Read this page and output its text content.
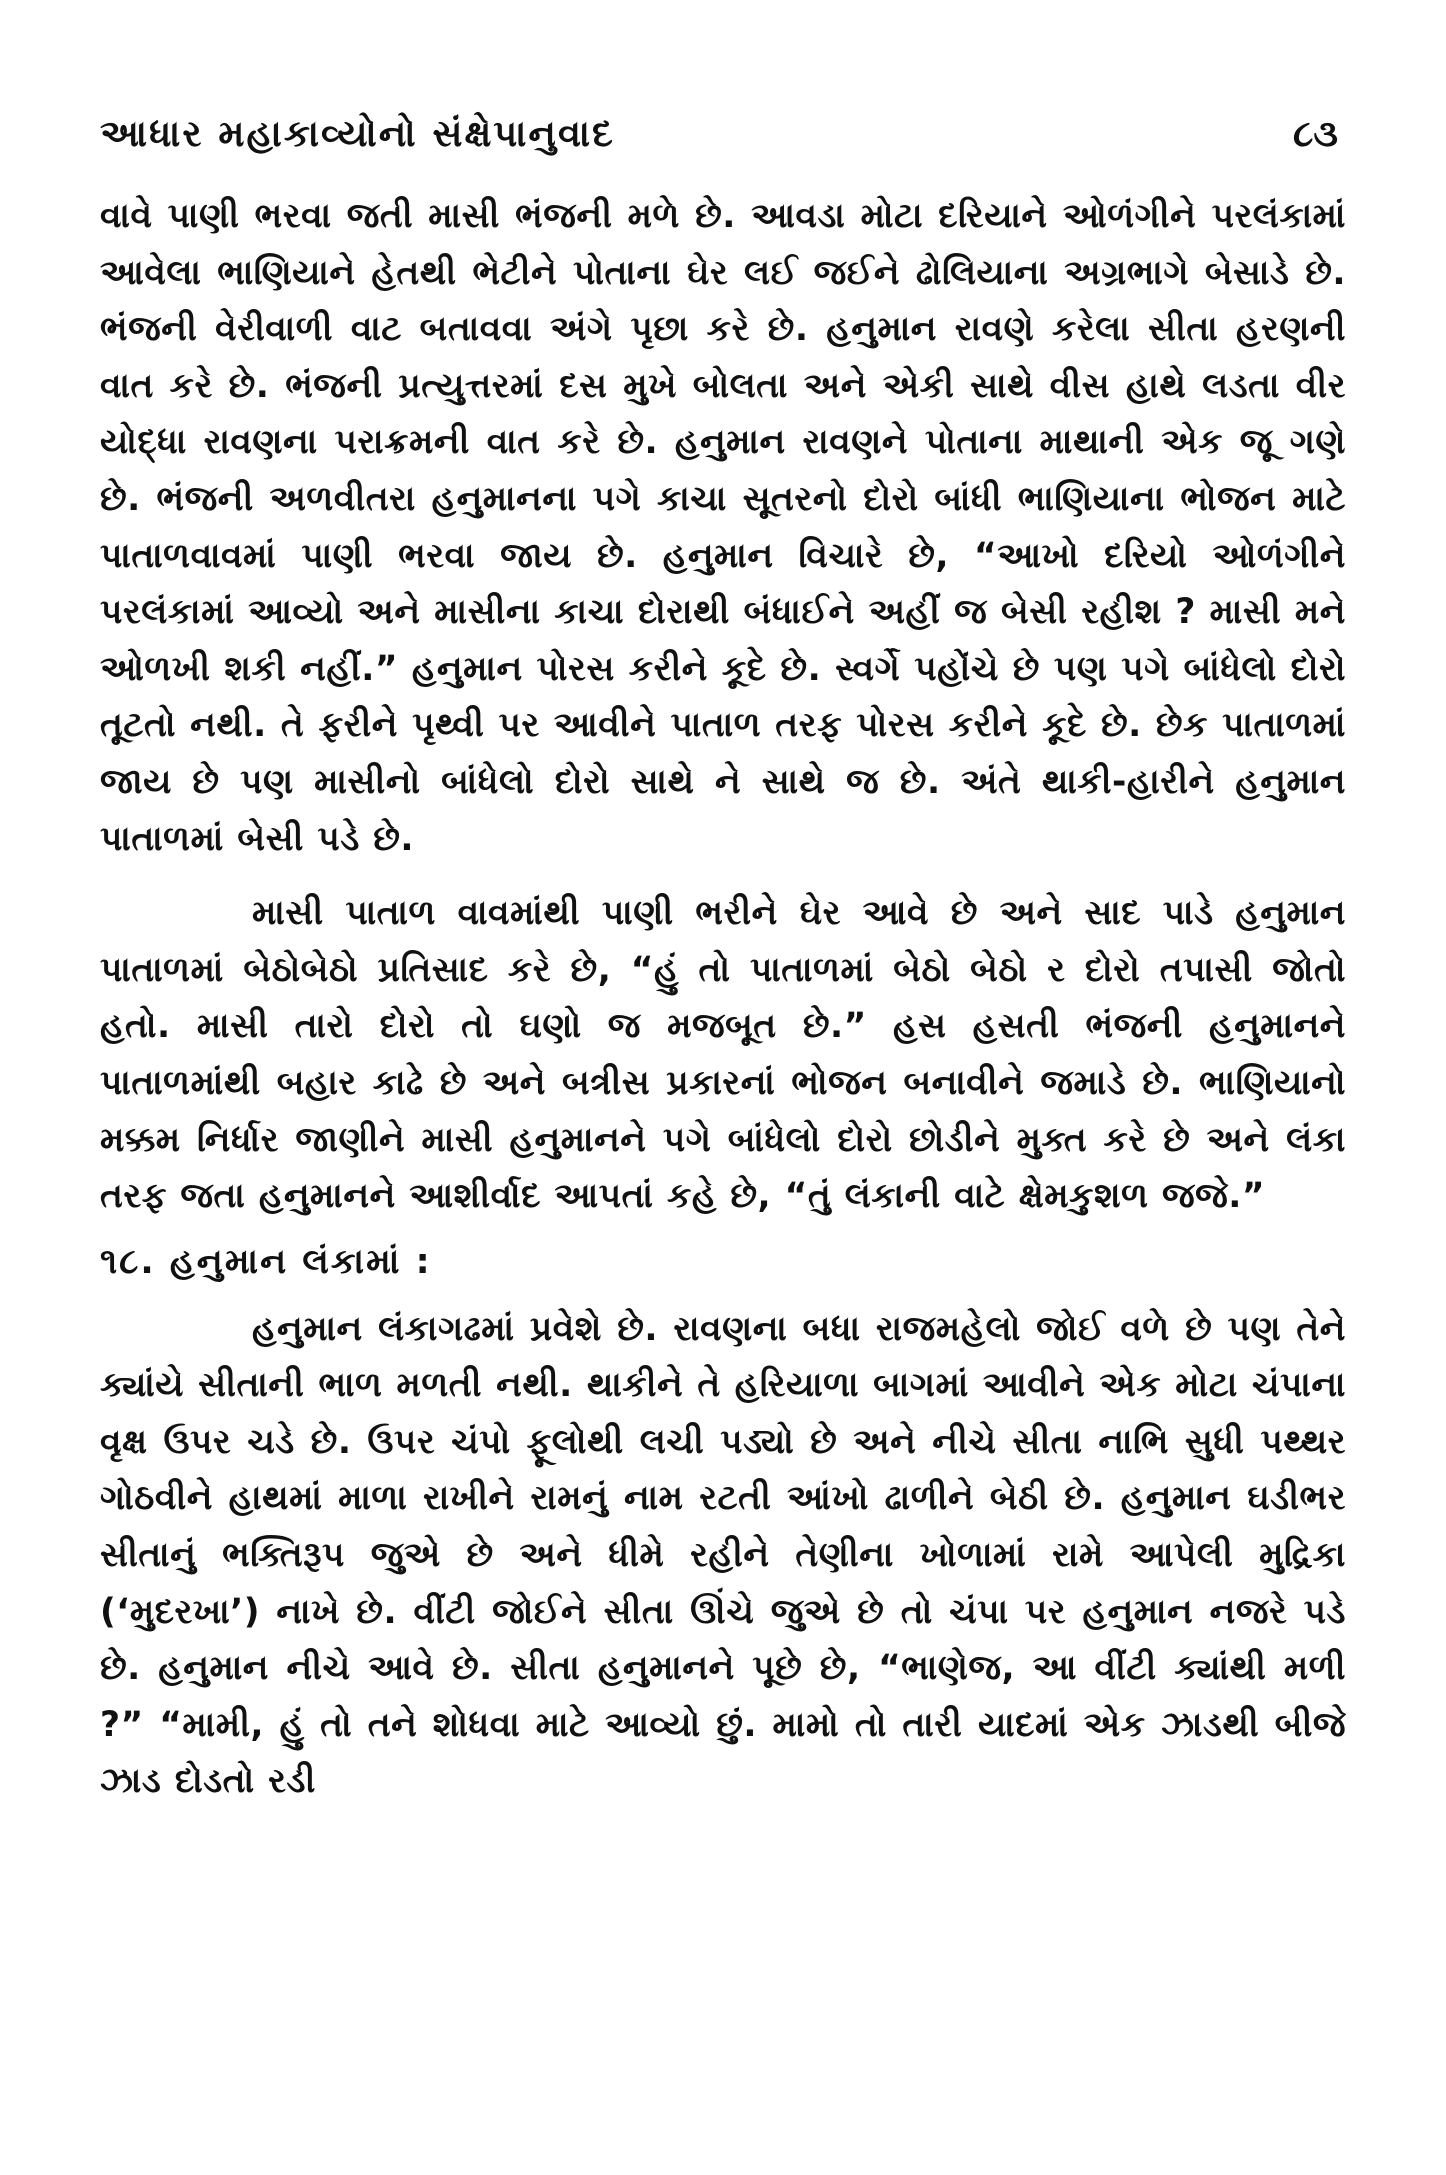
આધાર મહાકાવ્યોનો સંક્ષેપાનુવાદ	૮૩

વાવે પાણી ભરવા જતી માસી ભંજની મળે છે. આવડા મોટા દરિયાને ઓળંગીને પરલંકામાં આવેલા ભાણિયાને હેતથી ભેટીને પોતાના ઘેર લઈ જઈને ઢોલિયાના અગ્રભાગે બેસાડે છે. ભંજની વેરીવાળી વાટ બતાવવા અંગે પૃછા કરે છે. હનુમાન રાવણે કરેલા સીતા હરણની વાત કરે છે. ભંજની પ્રત્યુત્તરમાં દસ મુખે બોલતા અને એકી સાથે વીસ હાથે લડતા વીર યોદ્ધા રાવણના પરાક્રમની વાત કરે છે. હનુમાન રાવણને પોતાના માથાની એક જૂ ગણે છે. ભંજની અળવીતરા હનુમાનના પગે કાચા સૂતરનો દોરો બાંધી ભાણિયાના ભોજન માટે પાતાળવાવમાં પાણી ભરવા જાય છે. હનુમાન વિચારે છે, “આખો દરિયો ઓળંગીને પરલંકામાં આવ્યો અને માસીના કાચા દોરાથી બંધાઈને અહીં જ બેસી રહીશ ? માસી મને ઓળખી શકી નહીં.” હનુમાન પોરસ કરીને કૂદે છે. સ્વર્ગે પહોંચે છે પણ પગે બાંધેલો દોરો તૂટતો નથી. તે ફરીને પૃથ્વી પર આવીને પાતાળ તરફ પોરસ કરીને કૂદે છે. છેક પાતાળમાં જાય છે પણ માસીનો બાંધેલો દોરો સાથે ને સાથે જ છે. અંતે થાકી-હારીને હનુમાન પાતાળમાં બેસી પડે છે.

માસી પાતાળ વાવમાંથી પાણી ભરીને ઘેર આવે છે અને સાદ પાડે હનુમાન પાતાળમાં બેઠોબેઠો પ્રતિસાદ કરે છે, “હું તો પાતાળમાં બેઠો બેઠો ર દોરો તપાસી જોતો હતો. માસી તારો દોરો તો ઘણો જ મજબૂત છે.” હસ હસતી ભંજની હનુમાનને પાતાળમાંથી બહાર કાઢે છે અને બત્રીસ પ્રકારનાં ભોજન બનાવીને જમાડે છે. ભાણિયાનો મક્કમ નિર્ધાર જાણીને માસી હનુમાનને પગે બાંધેલો દોરો છોડીને મુક્ત કરે છે અને લંકા તરફ જતા હનુમાનને આશીર્વાદ આપતાં કહે છે, “તું લંકાની વાટે ક્ષેમકુશળ જજે.”

૧૮. હનુમાન લંકામાં :

હનુમાન લંકાગઢમાં પ્રવેશે છે. રાવણના બધા રાજમહેલો જોઈ વળે છે પણ તેને ક્યાંયે સીતાની ભાળ મળતી નથી. થાકીને તે હરિયાળા બાગમાં આવીને એક મોટા ચંપાના વૃક્ષ ઉપર ચડે છે. ઉપર ચંપો ફૂલોથી લચી પડ્યો છે અને નીચે સીતા નાભિ સુધી પથ્થર ગોઠવીને હાથમાં માળા રાખીને રામનું નામ રટતી આંખો ઢાળીને બેઠી છે. હનુમાન ઘડીભર સીતાનું ભક્તિરૂપ જુએ છે અને ધીમે રહીને તેણીના ખોળામાં રામે આપેલી મુદ્રિકા (‘મુદરખા’) નાખે છે. વીંટી જોઈને સીતા ઊંચે જુએ છે તો ચંપા પર હનુમાન નજરે પડે છે. હનુમાન નીચે આવે છે. સીતા હનુમાનને પૂછે છે, “ભાણેજ, આ વીંટી ક્યાંથી મળી ?” “મામી, હું તો તને શોધવા માટે આવ્યો છું. મામો તો તારી યાદમાં એક ઝાડથી બીજે ઝાડ દોડતો રડી
